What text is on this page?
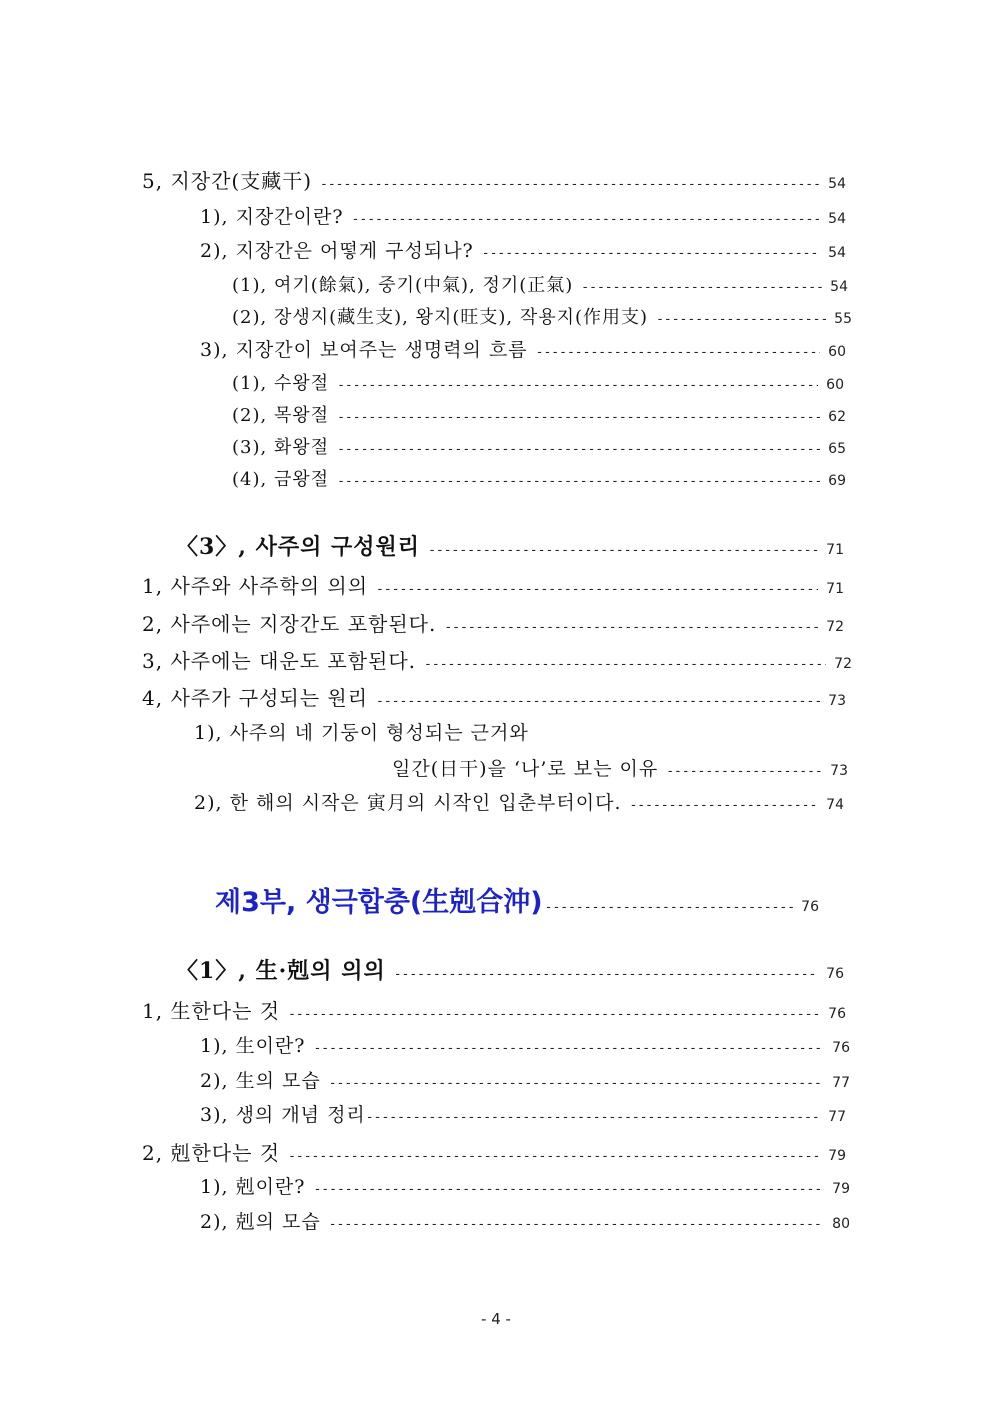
5, 지장간(支藏干) -----	54
1), 지장간이란? -----	54
2), 지장간은 어떻게 구성되나? -----	54
(1), 여기(餘氣), 중기(中氣), 정기(正氣) -----	54
(2), 장생지(藏生支), 왕지(旺支), 작용지(作用支) -----	55
3), 지장간이 보여주는 생명력의 흐름 -----	60
(1), 수왕절 -----	60
(2), 목왕절 -----	62
(3), 화왕절 -----	65
(4), 금왕절 -----	69
〈3〉, 사주의 구성원리 -----	71
1, 사주와 사주학의 의의 -----	71
2, 사주에는 지장간도 포함된다. -----	72
3, 사주에는 대운도 포함된다. -----	72
4, 사주가 구성되는 원리 -----	73
1), 사주의 네 기둥이 형성되는 근거와
일간(日干)을 ‘나’로 보는 이유 -----	73
2), 한 해의 시작은 寅月의 시작인 입춘부터이다. -----	74
제3부, 생극합충(生剋合沖) -----	76
〈1〉, 生·剋의 의의 -----	76
1, 生한다는 것 -----	76
1), 生이란? -----	76
2), 生의 모습 -----	77
3), 생의 개념 정리 -----	77
2, 剋한다는 것 -----	79
1), 剋이란? -----	79
2), 剋의 모습 -----	80
- 4 -
